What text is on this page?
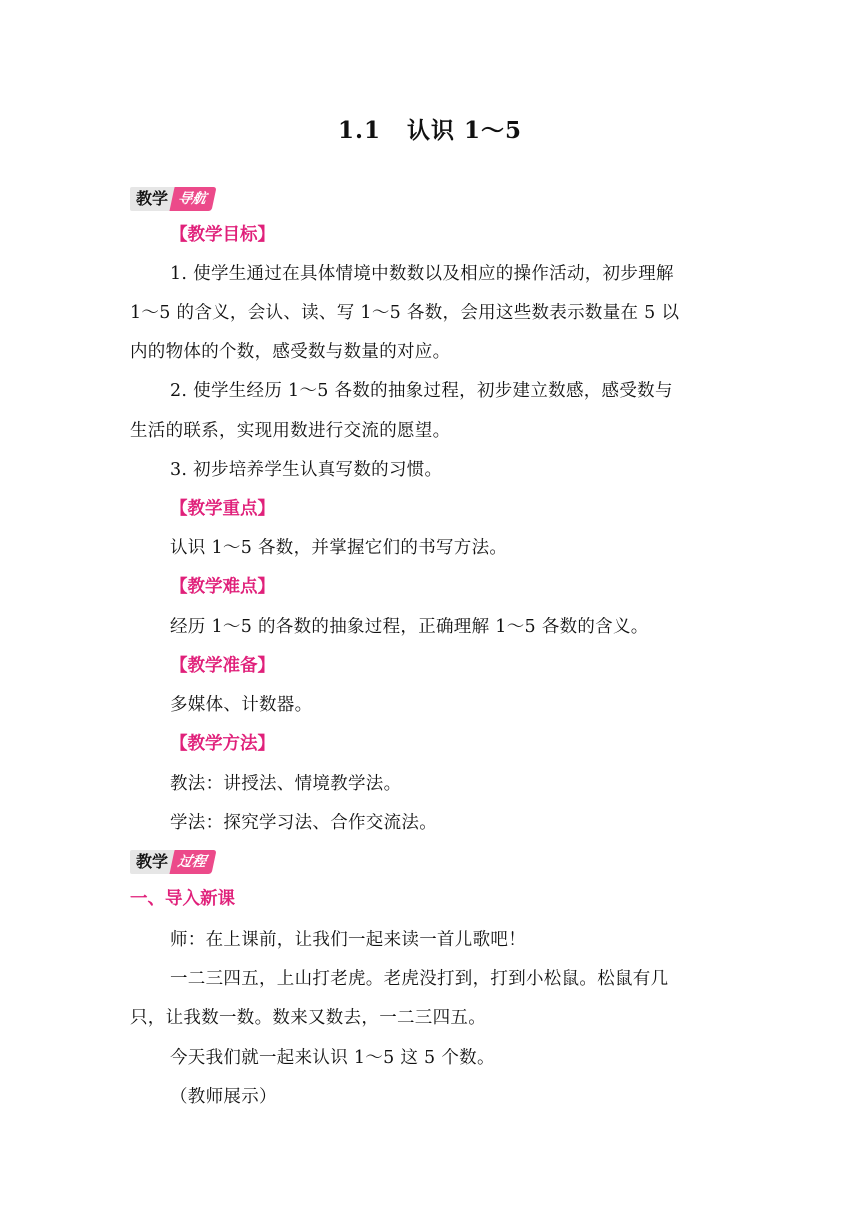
1.1 认识 1～5
教学 导航
【教学目标】
1. 使学生通过在具体情境中数数以及相应的操作活动，初步理解
1～5 的含义，会认、读、写 1～5 各数，会用这些数表示数量在 5 以
内的物体的个数，感受数与数量的对应。
2. 使学生经历 1～5 各数的抽象过程，初步建立数感，感受数与
生活的联系，实现用数进行交流的愿望。
3. 初步培养学生认真写数的习惯。
【教学重点】
认识 1～5 各数，并掌握它们的书写方法。
【教学难点】
经历 1～5 的各数的抽象过程，正确理解 1～5 各数的含义。
【教学准备】
多媒体、计数器。
【教学方法】
教法：讲授法、情境教学法。
学法：探究学习法、合作交流法。
教学 过程
一、导入新课
师：在上课前，让我们一起来读一首儿歌吧！
一二三四五，上山打老虎。老虎没打到，打到小松鼠。松鼠有几
只，让我数一数。数来又数去，一二三四五。
今天我们就一起来认识 1～5 这 5 个数。
（教师展示）
